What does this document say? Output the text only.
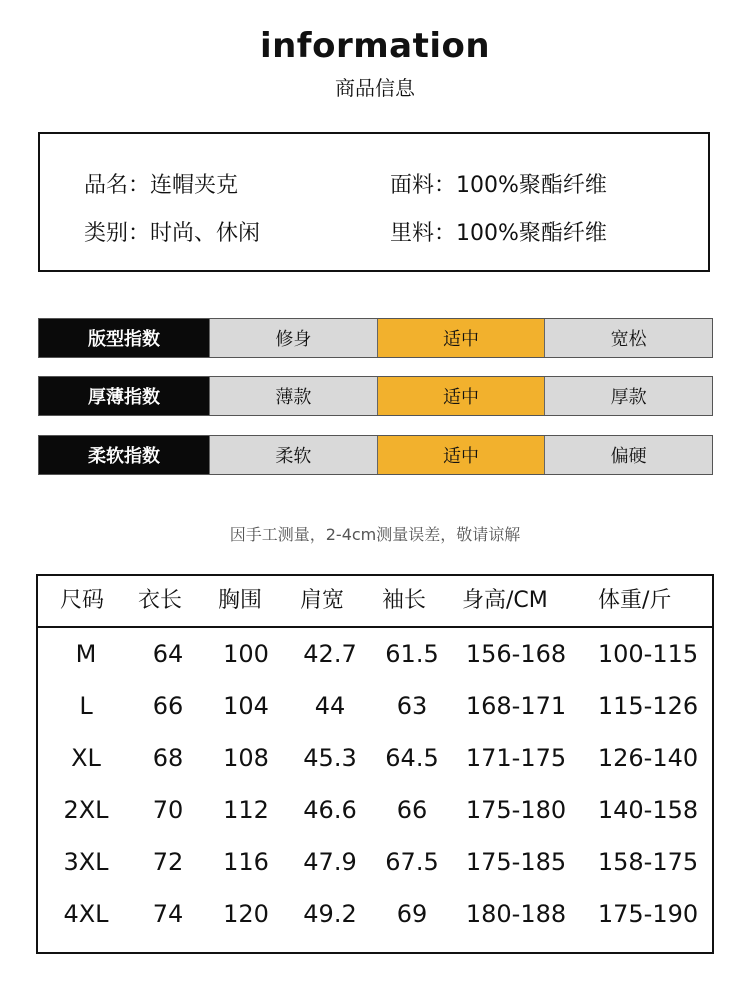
information
商品信息
品名：连帽夹克	面料：100%聚酯纤维
类别：时尚、休闲	里料：100%聚酯纤维
版型指数	修身	适中	宽松
厚薄指数	薄款	适中	厚款
柔软指数	柔软	适中	偏硬
因手工测量，2-4cm测量误差，敬请谅解
尺码	衣长	胸围	肩宽	袖长	身高/CM	体重/斤
M	64	100	42.7	61.5	156-168	100-115
L	66	104	44	63	168-171	115-126
XL	68	108	45.3	64.5	171-175	126-140
2XL	70	112	46.6	66	175-180	140-158
3XL	72	116	47.9	67.5	175-185	158-175
4XL	74	120	49.2	69	180-188	175-190
